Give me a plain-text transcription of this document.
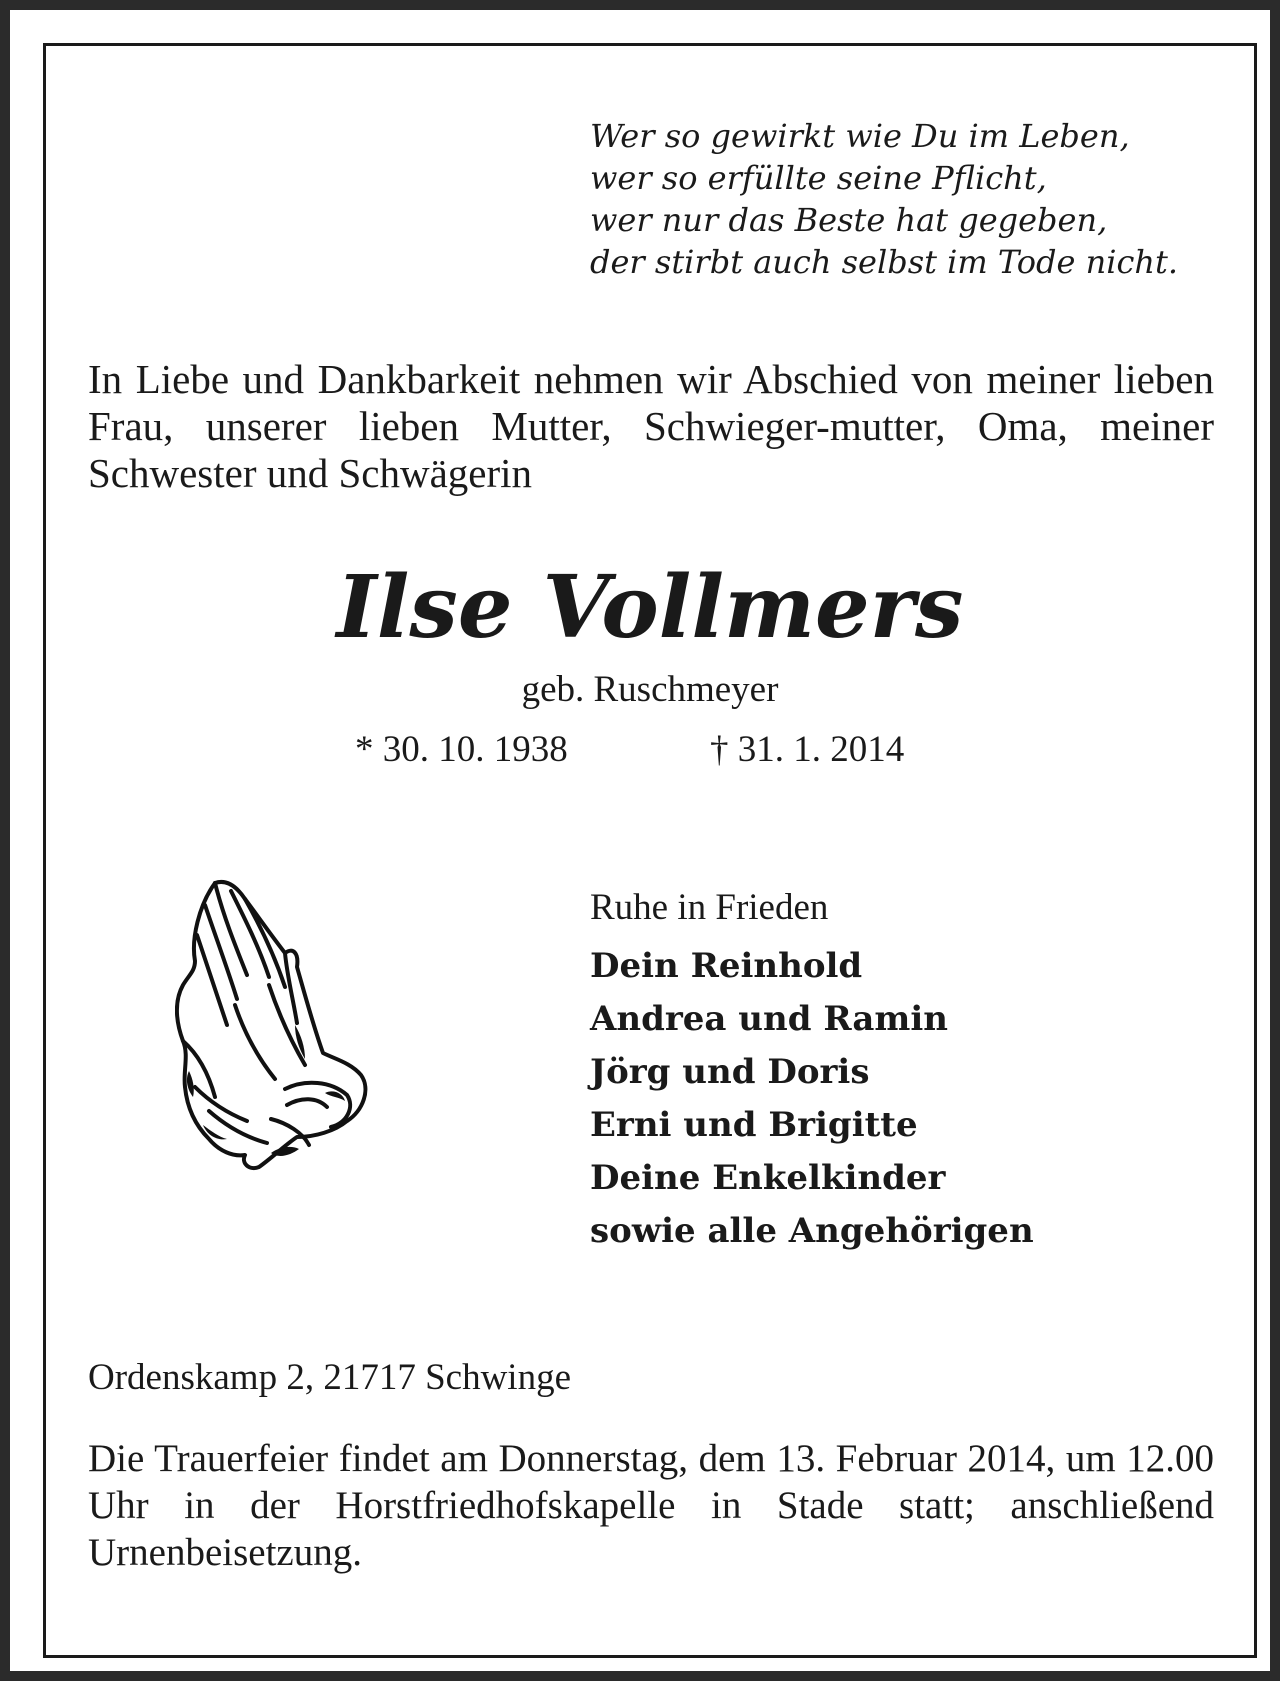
Wer so gewirkt wie Du im Leben,
wer so erfüllte seine Pflicht,
wer nur das Beste hat gegeben,
der stirbt auch selbst im Tode nicht.
In Liebe und Dankbarkeit nehmen wir Abschied von meiner lieben Frau, unserer lieben Mutter, Schwieger-mutter, Oma, meiner Schwester und Schwägerin
Ilse Vollmers
geb. Ruschmeyer
* 30. 10. 1938	† 31. 1. 2014
Ruhe in Frieden
Dein Reinhold
Andrea und Ramin
Jörg und Doris
Erni und Brigitte
Deine Enkelkinder
sowie alle Angehörigen
Ordenskamp 2, 21717 Schwinge
Die Trauerfeier findet am Donnerstag, dem 13. Februar 2014, um 12.00 Uhr in der Horstfriedhofskapelle in Stade statt; anschließend Urnenbeisetzung.
